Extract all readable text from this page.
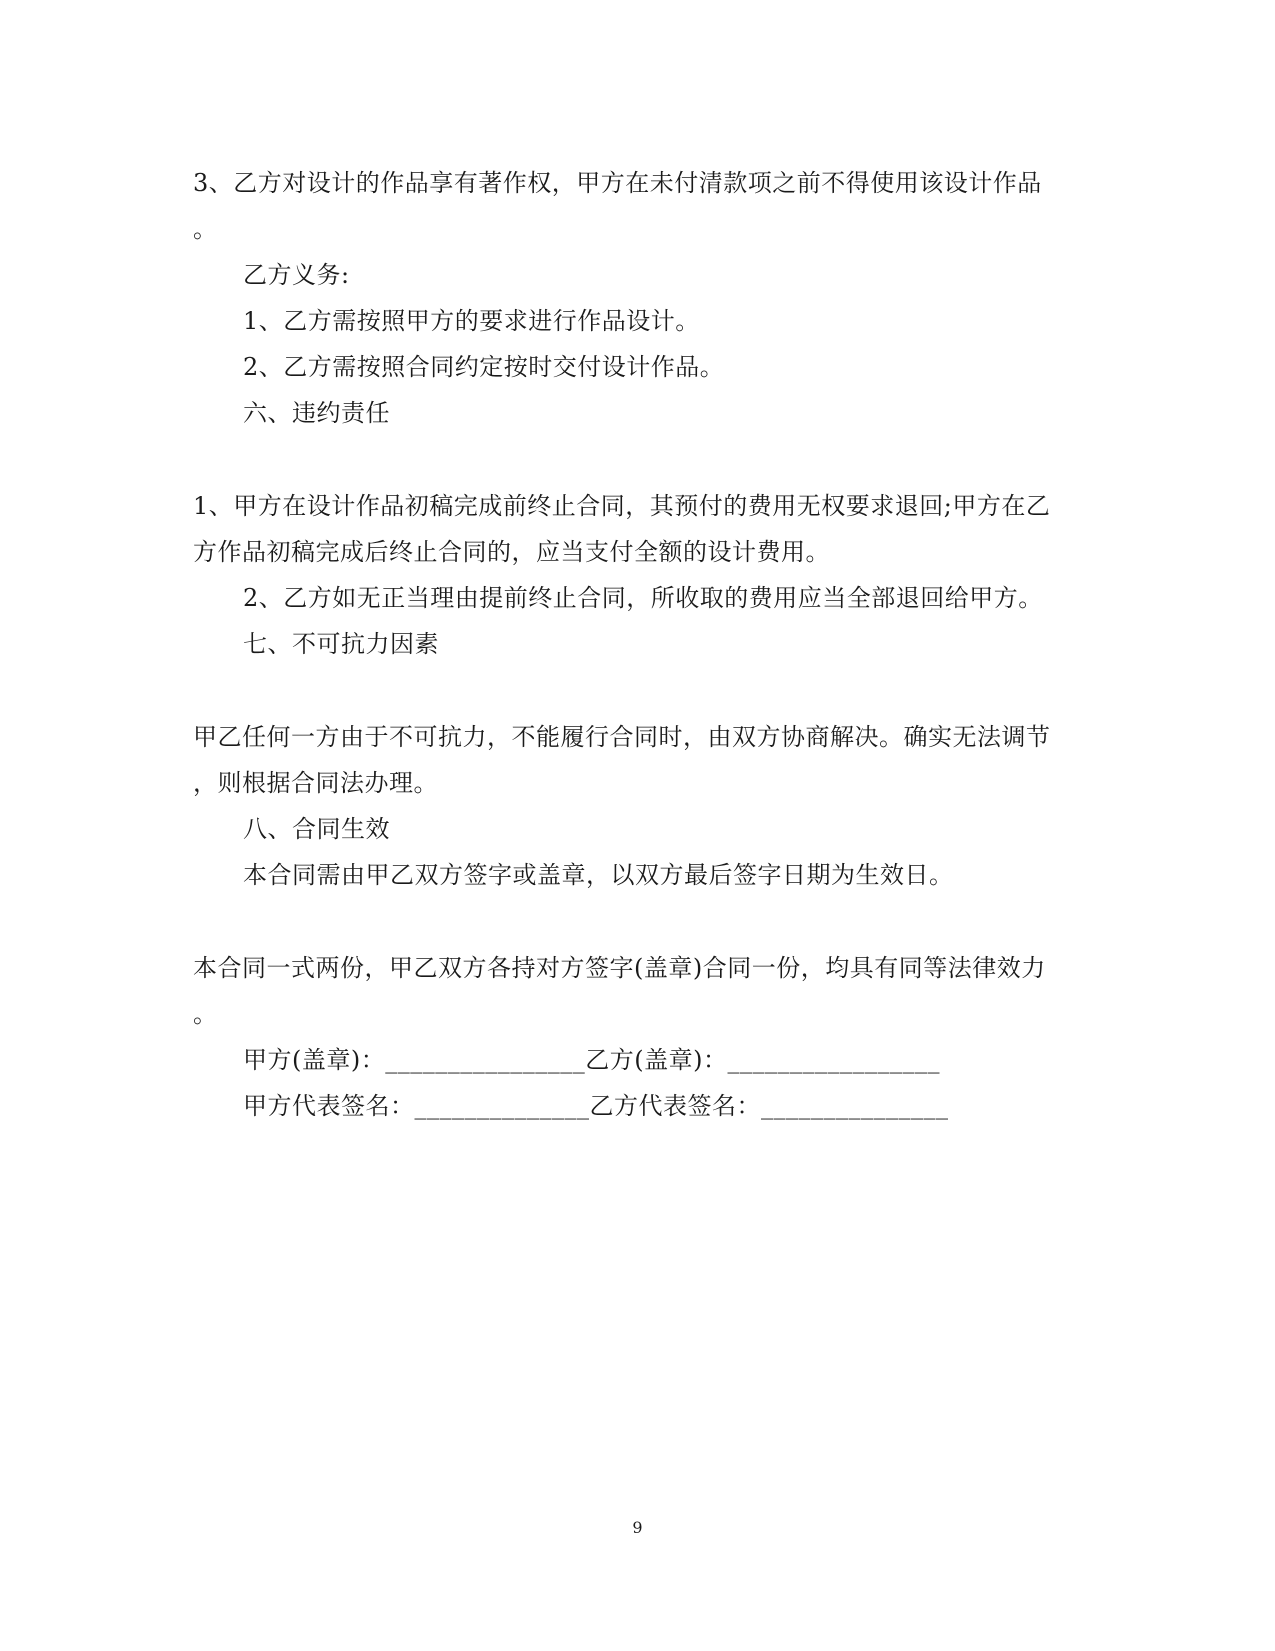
3、乙方对设计的作品享有著作权，甲方在未付清款项之前不得使用该设计作品
。
乙方义务:
1、乙方需按照甲方的要求进行作品设计。
2、乙方需按照合同约定按时交付设计作品。
六、违约责任
1、甲方在设计作品初稿完成前终止合同，其预付的费用无权要求退回;甲方在乙
方作品初稿完成后终止合同的，应当支付全额的设计费用。
2、乙方如无正当理由提前终止合同，所收取的费用应当全部退回给甲方。
七、不可抗力因素
甲乙任何一方由于不可抗力，不能履行合同时，由双方协商解决。确实无法调节
，则根据合同法办理。
八、合同生效
本合同需由甲乙双方签字或盖章，以双方最后签字日期为生效日。
本合同一式两份，甲乙双方各持对方签字(盖章)合同一份，均具有同等法律效力
。
甲方(盖章)：________________乙方(盖章)：_________________
甲方代表签名：______________乙方代表签名：_______________
9
